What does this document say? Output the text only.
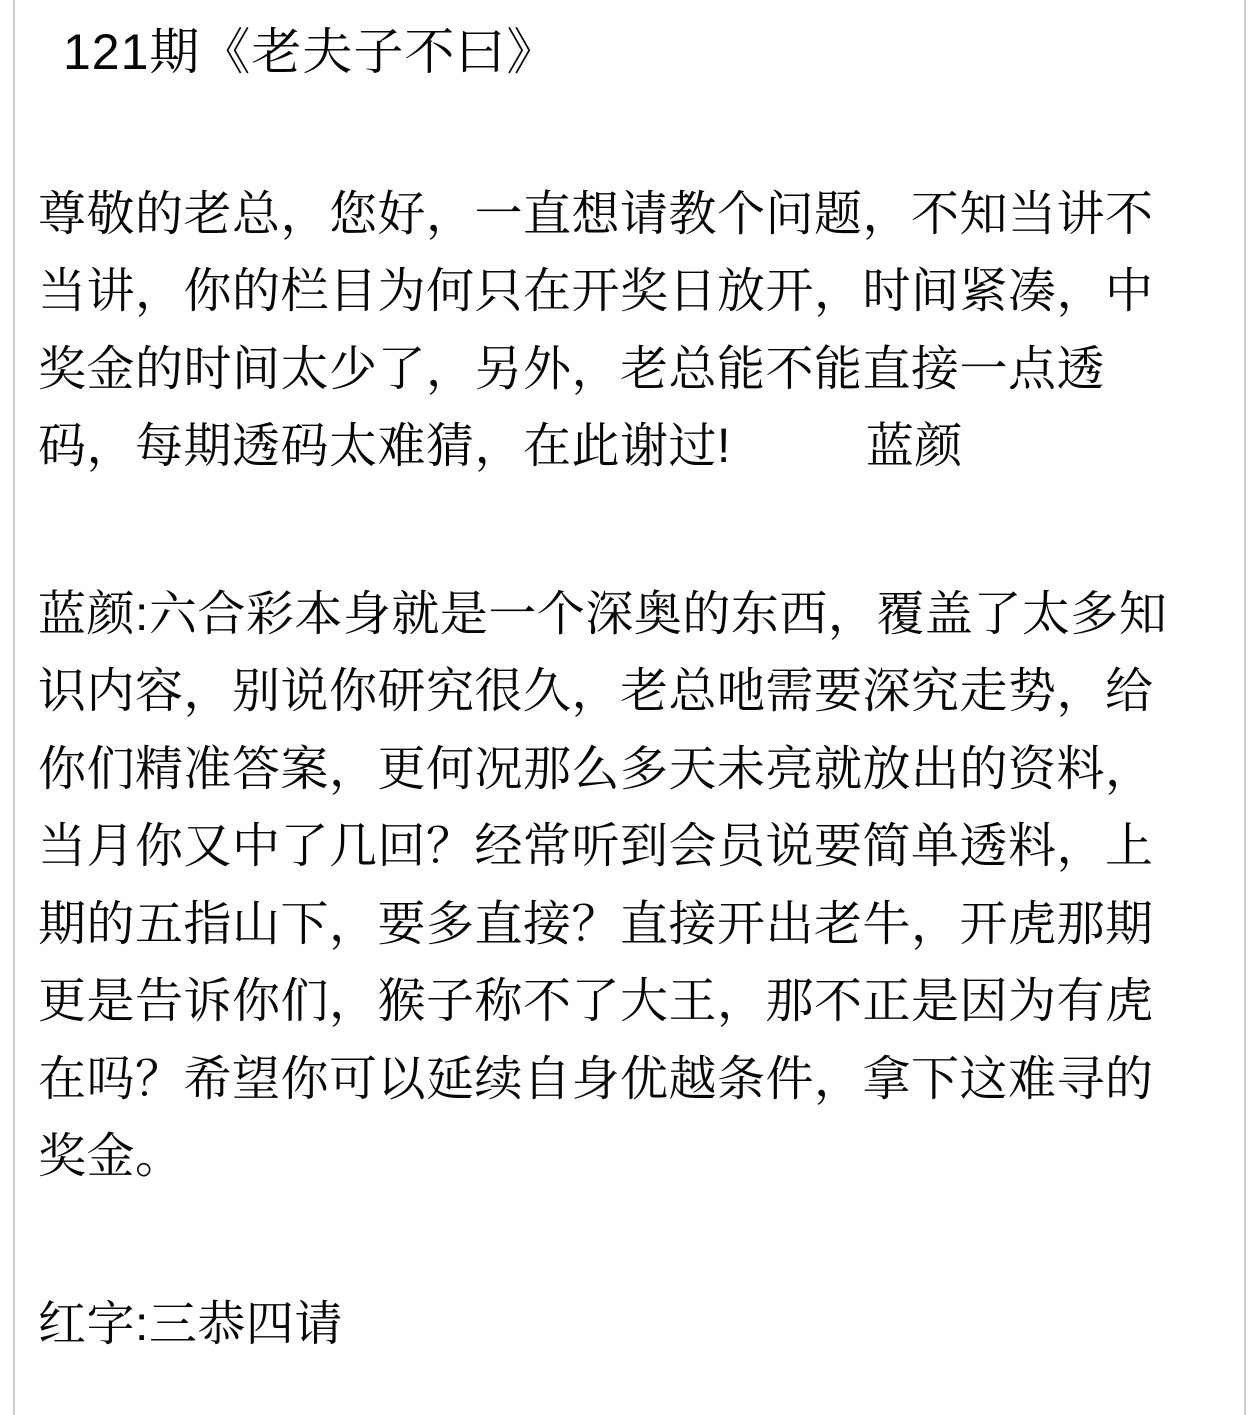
121期《老夫子不曰》
尊敬的老总，您好，一直想请教个问题，不知当讲不
当讲，你的栏目为何只在开奖日放开，时间紧凑，中
奖金的时间太少了，另外，老总能不能直接一点透
码，每期透码太难猜，在此谢过!	蓝颜
蓝颜:六合彩本身就是一个深奥的东西，覆盖了太多知
识内容，别说你研究很久，老总吔需要深究走势，给
你们精准答案，更何况那么多天未亮就放出的资料，
当月你又中了几回？经常听到会员说要简单透料，上
期的五指山下，要多直接？直接开出老牛，开虎那期
更是告诉你们，猴子称不了大王，那不正是因为有虎
在吗？希望你可以延续自身优越条件，拿下这难寻的
奖金。
红字:三恭四请
